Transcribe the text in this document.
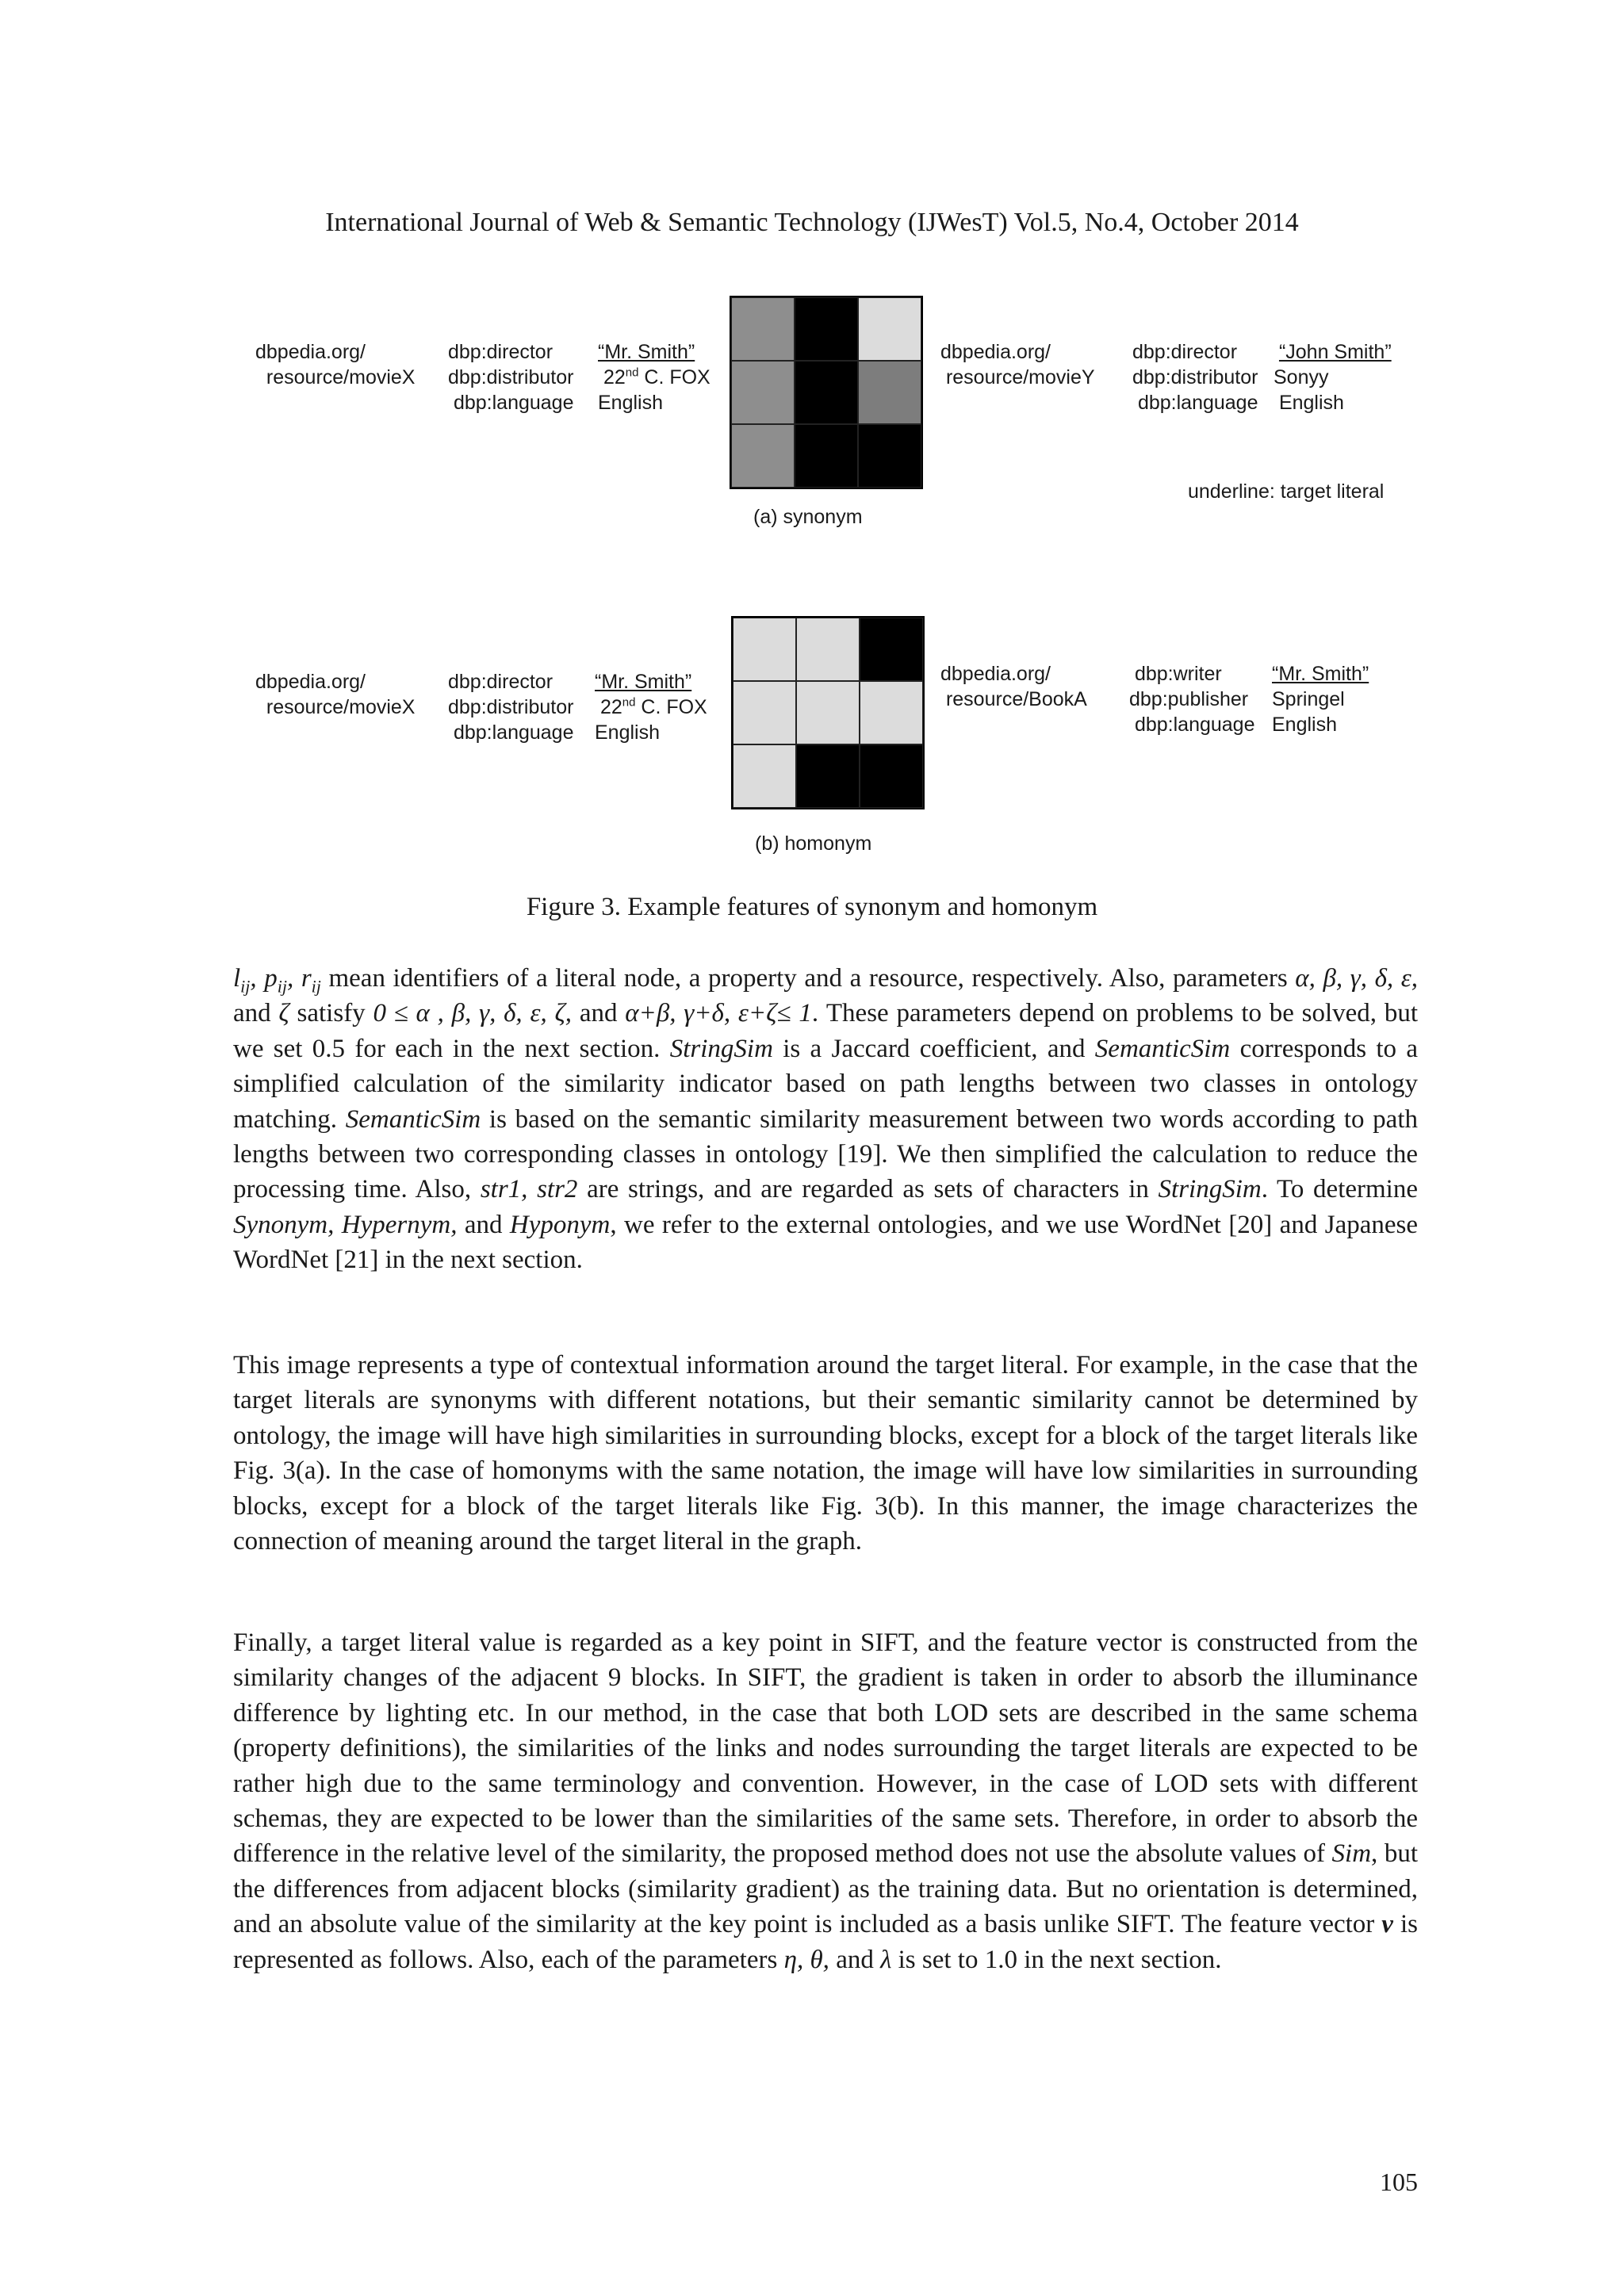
International Journal of Web & Semantic Technology (IJWesT) Vol.5, No.4, October 2014
dbpedia.org/
resource/movieX
dbp:director
dbp:distributor
dbp:language
“Mr. Smith”
22nd C. FOX
English
dbpedia.org/
resource/movieY
dbp:director
dbp:distributor
dbp:language
“John Smith”
Sonyy
English
underline: target literal
(a) synonym
dbpedia.org/
resource/movieX
dbp:director
dbp:distributor
dbp:language
“Mr. Smith”
22nd C. FOX
English
dbpedia.org/
resource/BookA
dbp:writer
dbp:publisher
dbp:language
“Mr. Smith”
Springel
English
(b) homonym
Figure 3. Example features of synonym and homonym

$l_{ij}$, $p_{ij}$, $r_{ij}$ mean identifiers of a literal node, a property and a resource, respectively. Also, parameters α, β, γ, δ, ε, and ζ satisfy 0 ≤ α , β, γ, δ, ε, ζ, and α+β, γ+δ, ε+ζ≤ 1. These parameters depend on problems to be solved, but we set 0.5 for each in the next section. StringSim is a Jaccard coefficient, and SemanticSim corresponds to a simplified calculation of the similarity indicator based on path lengths between two classes in ontology matching. SemanticSim is based on the semantic similarity measurement between two words according to path lengths between two corresponding classes in ontology [19]. We then simplified the calculation to reduce the processing time. Also, str1, str2 are strings, and are regarded as sets of characters in StringSim. To determine Synonym, Hypernym, and Hyponym, we refer to the external ontologies, and we use WordNet [20] and Japanese WordNet [21] in the next section.

This image represents a type of contextual information around the target literal. For example, in the case that the target literals are synonyms with different notations, but their semantic similarity cannot be determined by ontology, the image will have high similarities in surrounding blocks, except for a block of the target literals like Fig. 3(a). In the case of homonyms with the same notation, the image will have low similarities in surrounding blocks, except for a block of the target literals like Fig. 3(b). In this manner, the image characterizes the connection of meaning around the target literal in the graph.

Finally, a target literal value is regarded as a key point in SIFT, and the feature vector is constructed from the similarity changes of the adjacent 9 blocks. In SIFT, the gradient is taken in order to absorb the illuminance difference by lighting etc. In our method, in the case that both LOD sets are described in the same schema (property definitions), the similarities of the links and nodes surrounding the target literals are expected to be rather high due to the same terminology and convention. However, in the case of LOD sets with different schemas, they are expected to be lower than the similarities of the same sets. Therefore, in order to absorb the difference in the relative level of the similarity, the proposed method does not use the absolute values of Sim, but the differences from adjacent blocks (similarity gradient) as the training data. But no orientation is determined, and an absolute value of the similarity at the key point is included as a basis unlike SIFT. The feature vector v is represented as follows. Also, each of the parameters η, θ, and λ is set to 1.0 in the next section.

105
